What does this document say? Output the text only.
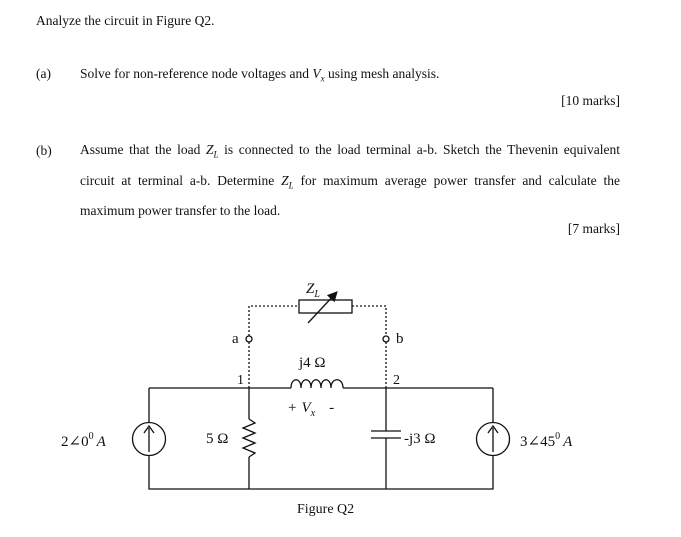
Analyze the circuit in Figure Q2.
(a) Solve for non-reference node voltages and $V_x$ using mesh analysis.
[10 marks]
(b) Assume that the load $Z_L$ is connected to the load terminal a-b. Sketch the Thevenin equivalent circuit at terminal a-b. Determine $Z_L$ for maximum average power transfer and calculate the maximum power transfer to the load.
[7 marks]
$Z_L$
a	b
1	2
j4 Ω
+ $V_x$ -
5 Ω	-j3 Ω
$2\angle 0^0$ A	$3\angle 45^0$ A
Figure Q2
